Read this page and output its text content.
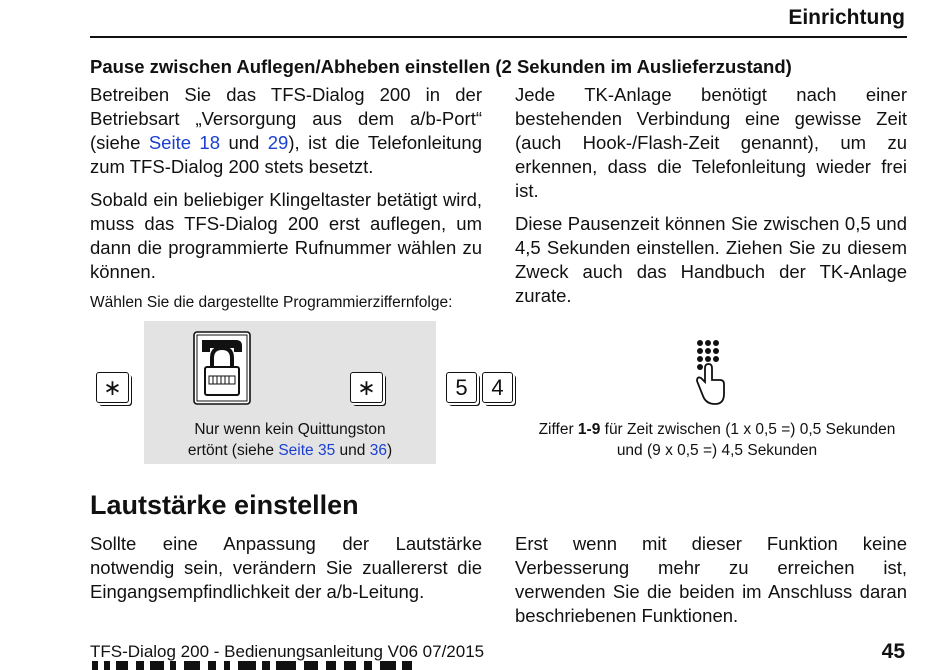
Einrichtung
Pause zwischen Auflegen/Abheben einstellen (2 Sekunden im Auslieferzustand)

Betreiben Sie das TFS-Dialog 200 in der Betriebsart „Versorgung aus dem a/b-Port“ (siehe Seite 18 und 29), ist die Telefonleitung zum TFS-Dialog 200 stets besetzt.

Sobald ein beliebiger Klingeltaster betätigt wird, muss das TFS-Dialog 200 erst auflegen, um dann die programmierte Rufnummer wählen zu können.

Jede TK-Anlage benötigt nach einer bestehenden Verbindung eine gewisse Zeit (auch Hook-/Flash-Zeit genannt), um zu erkennen, dass die Telefonleitung wieder frei ist.

Diese Pausenzeit können Sie zwischen 0,5 und 4,5 Sekunden einstellen. Ziehen Sie zu diesem Zweck auch das Handbuch der TK-Anlage zurate.

Wählen Sie die dargestellte Programmierziffernfolge:
∗	∗	5	4
Nur wenn kein Quittungston
ertönt (siehe Seite 35 und 36)
Ziffer 1-9 für Zeit zwischen (1 x 0,5 =) 0,5 Sekunden und (9 x 0,5 =) 4,5 Sekunden
Lautstärke einstellen

Sollte eine Anpassung der Lautstärke notwendig sein, verändern Sie zuallererst die Eingangsempfindlichkeit der a/b-Leitung.

Erst wenn mit dieser Funktion keine Verbesserung mehr zu erreichen ist, verwenden Sie die beiden im Anschluss daran beschriebenen Funktionen.

TFS-Dialog 200 - Bedienungsanleitung V06 07/2015	45
